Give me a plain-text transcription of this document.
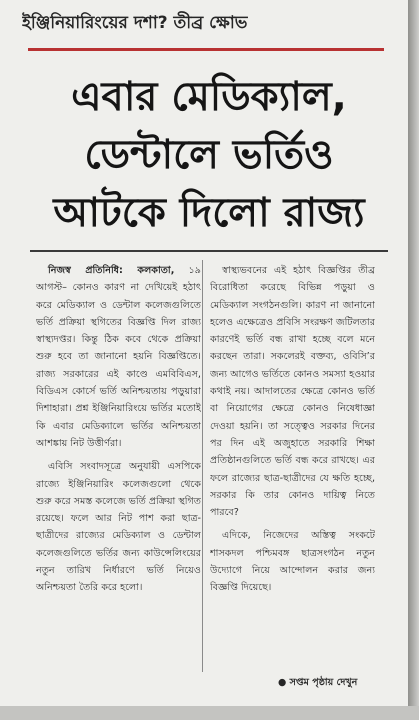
ইঞ্জিনিয়ারিংয়ের দশা? তীব্র ক্ষোভ
এবার মেডিক্যাল,
ডেন্টালে ভর্তিও
আটকে দিলো রাজ্য

নিজস্ব প্রতিনিধি: কলকাতা, ১৯ আগস্ট– কোনও কারণ না দেখিয়েই হঠাৎ করে মেডিক্যাল ও ডেন্টাল কলেজগুলিতে ভর্তি প্রক্রিয়া স্থগিতের বিজ্ঞপ্তি দিল রাজ্য স্বাস্থ্যদপ্তর। কিন্তু ঠিক কবে থেকে প্রক্রিয়া শুরু হবে তা জানানো হয়নি বিজ্ঞপ্তিতে। রাজ্য সরকারের এই কাণ্ডে এমবিবিএস, বিডিএস কোর্সে ভর্তি অনিশ্চয়তায় পড়ুয়ারা দিশাহারা। প্রশ্ন ইঞ্জিনিয়ারিংয়ে ভর্তির মতোই কি এবার মেডিক্যালে ভর্তির অনিশ্চয়তা আশঙ্কায় নিট উত্তীর্ণরা।

এবিসি সংবাদসূত্রে অনুযায়ী এসপিকে রাজ্যে ইঞ্জিনিয়ারিং কলেজগুলো থেকে শুরু করে সমস্ত কলেজে ভর্তি প্রক্রিয়া স্থগিত রয়েছে। ফলে আর নিট পাশ করা ছাত্র-ছাত্রীদের রাজ্যের মেডিক্যাল ও ডেন্টাল কলেজগুলিতে ভর্তির জন্য কাউন্সেলিংয়ের নতুন তারিখ নির্ধারণে ভর্তি নিয়েও অনিশ্চয়তা তৈরি করে হলো।

স্বাস্থ্যভবনের এই হঠাৎ বিজ্ঞপ্তির তীব্র বিরোধিতা করেছে বিভিন্ন পড়ুয়া ও মেডিক্যাল সংগঠনগুলি। কারণ না জানানো হলেও এক্ষেত্রেও প্রবিসি সংরক্ষণ জটিলতার কারণেই ভর্তি বন্ধ রাখা হচ্ছে বলে মনে করছেন তারা। সকলেরই বক্তব্য, ওবিসি’র জন্য আগেও ভর্তিতে কোনও সমস্যা হওয়ার কথাই নয়। আদালতের ক্ষেত্রে কোনও ভর্তি বা নিয়োগের ক্ষেত্রে কোনও নিষেধাজ্ঞা দেওয়া হয়নি। তা সত্ত্বেও সরকার দিনের পর দিন এই অজুহাতে সরকারি শিক্ষা প্রতিষ্ঠানগুলিতে ভর্তি বন্ধ করে রাখছে। এর ফলে রাজ্যের ছাত্র-ছাত্রীদের যে ক্ষতি হচ্ছে, সরকার কি তার কোনও দায়িত্ব নিতে পারবে?

এদিকে, নিজেদের অস্তিত্ব সংকটে শাসকদল পশ্চিমবঙ্গ ছাত্রসংগঠন নতুন উদ্যোগে নিয়ে আন্দোলন করার জন্য বিজ্ঞপ্তি দিয়েছে।

● সপ্তম পৃষ্ঠায় দেখুন
